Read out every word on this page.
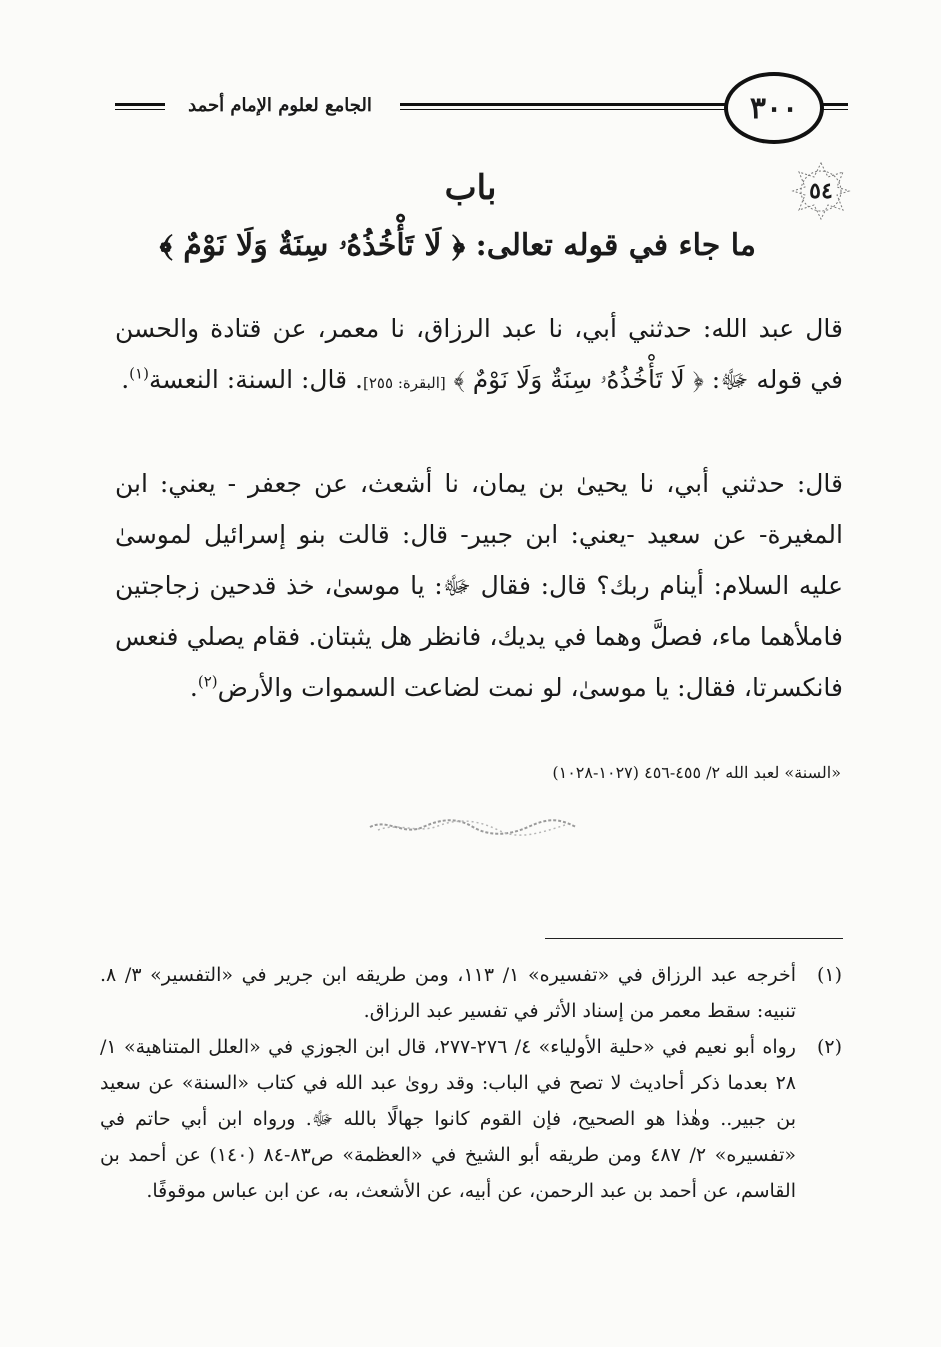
٣٠٠
الجامع لعلوم الإمام أحمد
٥٤
باب
ما جاء في قوله تعالى: ﴿ لَا تَأْخُذُهُۥ سِنَةٌ وَلَا نَوْمٌ ﴾
قال عبد الله: حدثني أبي، نا عبد الرزاق، نا معمر، عن قتادة والحسن في قوله ﷻ: ﴿ لَا تَأْخُذُهُۥ سِنَةٌ وَلَا نَوْمٌ ﴾ [البقرة: ٢٥٥]. قال: السنة: النعسة$^{(١)}$.
قال: حدثني أبي، نا يحيىٰ بن يمان، نا أشعث، عن جعفر - يعني: ابن المغيرة- عن سعيد -يعني: ابن جبير- قال: قالت بنو إسرائيل لموسىٰ عليه السلام: أينام ربك؟ قال: فقال ﷻ: يا موسىٰ، خذ قدحين زجاجتين فاملأهما ماء، فصلَّ وهما في يديك، فانظر هل يثبتان. فقام يصلي فنعس فانكسرتا، فقال: يا موسىٰ، لو نمت لضاعت السموات والأرض$^{(٢)}$.
«السنة» لعبد الله ٢/ ٤٥٥-٤٥٦ (١٠٢٧-١٠٢٨)
(١)
أخرجه عبد الرزاق في «تفسيره» ١/ ١١٣، ومن طريقه ابن جرير في «التفسير» ٣/ ٨. تنبيه: سقط معمر من إسناد الأثر في تفسير عبد الرزاق.
(٢)
رواه أبو نعيم في «حلية الأولياء» ٤/ ٢٧٦-٢٧٧، قال ابن الجوزي في «العلل المتناهية» ١/ ٢٨ بعدما ذكر أحاديث لا تصح في الباب: وقد روىٰ عبد الله في كتاب «السنة» عن سعيد بن جبير.. وهٰذا هو الصحيح، فإن القوم كانوا جهالًا بالله ﷻ. ورواه ابن أبي حاتم في «تفسيره» ٢/ ٤٨٧ ومن طريقه أبو الشيخ في «العظمة» ص٨٣-٨٤ (١٤٠) عن أحمد بن القاسم، عن أحمد بن عبد الرحمن، عن أبيه، عن الأشعث، به، عن ابن عباس موقوفًا.
